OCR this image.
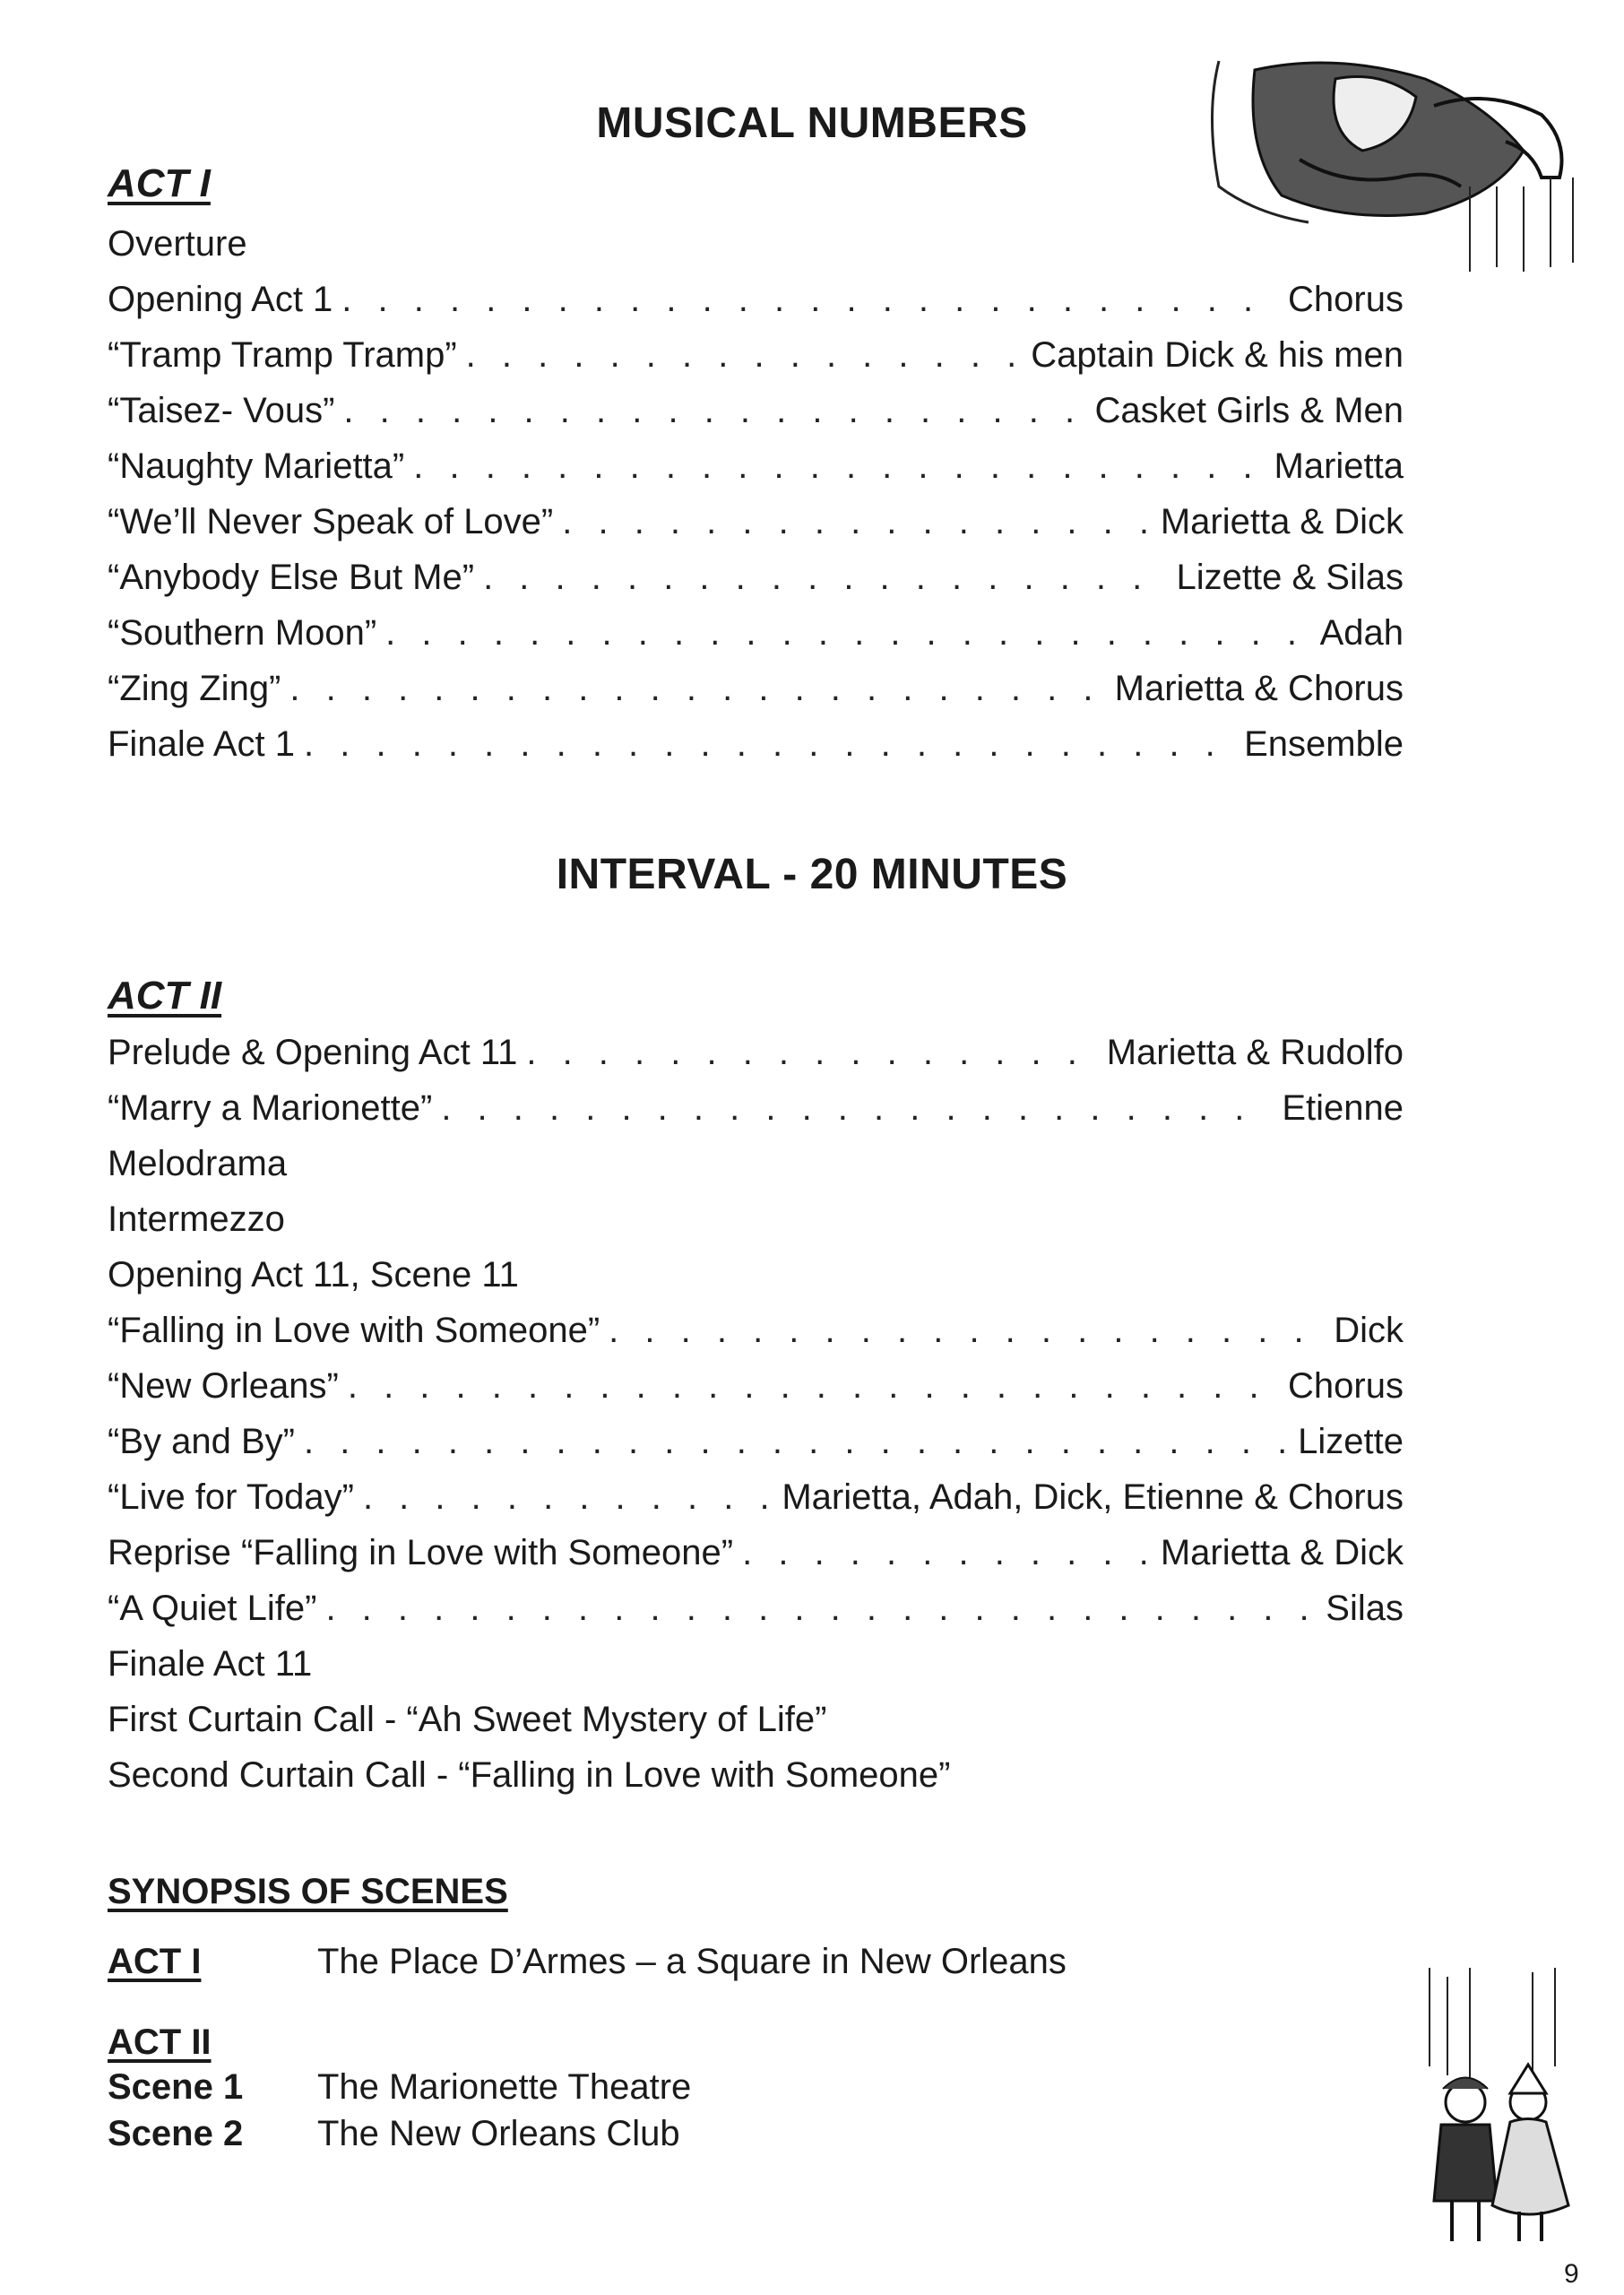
MUSICAL NUMBERS
ACT I
Overture
Opening Act 1 . . .	Chorus
“Tramp Tramp Tramp” . . .	Captain Dick & his men
“Taisez- Vous” . . .	Casket Girls & Men
“Naughty Marietta” . . .	Marietta
“We’ll Never Speak of Love” . . .	Marietta & Dick
“Anybody Else But Me” . . .	Lizette & Silas
“Southern Moon” . . .	Adah
“Zing Zing” . . .	Marietta & Chorus
Finale Act 1 . . .	Ensemble
INTERVAL - 20 MINUTES
ACT II
Prelude & Opening Act 11 . . .	Marietta & Rudolfo
“Marry a Marionette” . . .	Etienne
Melodrama
Intermezzo
Opening Act 11, Scene 11
“Falling in Love with Someone” . . .	Dick
“New Orleans” . . .	Chorus
“By and By” . . .	Lizette
“Live for Today” . . .	Marietta, Adah, Dick, Etienne & Chorus
Reprise “Falling in Love with Someone” . . .	Marietta & Dick
“A Quiet Life” . . .	Silas
Finale Act 11
First Curtain Call - “Ah Sweet Mystery of Life”
Second Curtain Call - “Falling in Love with Someone”
SYNOPSIS OF SCENES
ACT I	The Place D’Armes – a Square in New Orleans
ACT II
Scene 1 The Marionette Theatre
Scene 2 The New Orleans Club
9
